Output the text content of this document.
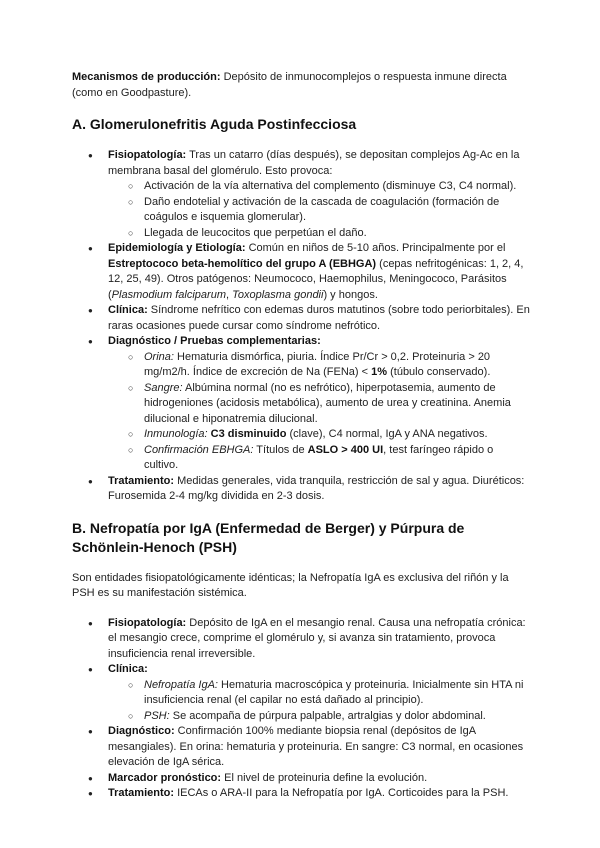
Mecanismos de producción: Depósito de inmunocomplejos o respuesta inmune directa (como en Goodpasture).

A. Glomerulonefritis Aguda Postinfecciosa
● Fisiopatología: Tras un catarro (días después), se depositan complejos Ag-Ac en la membrana basal del glomérulo. Esto provoca:
○ Activación de la vía alternativa del complemento (disminuye C3, C4 normal).
○ Daño endotelial y activación de la cascada de coagulación (formación de coágulos e isquemia glomerular).
○ Llegada de leucocitos que perpetúan el daño.
● Epidemiología y Etiología: Común en niños de 5-10 años. Principalmente por el Estreptococo beta-hemolítico del grupo A (EBHGA) (cepas nefritogénicas: 1, 2, 4, 12, 25, 49). Otros patógenos: Neumococo, Haemophilus, Meningococo, Parásitos (Plasmodium falciparum, Toxoplasma gondii) y hongos.
● Clínica: Síndrome nefrítico con edemas duros matutinos (sobre todo periorbitales). En raras ocasiones puede cursar como síndrome nefrótico.
● Diagnóstico / Pruebas complementarias:
○ Orina: Hematuria dismórfica, piuria. Índice Pr/Cr > 0,2. Proteinuria > 20 mg/m2/h. Índice de excreción de Na (FENa) < 1% (túbulo conservado).
○ Sangre: Albúmina normal (no es nefrótico), hiperpotasemia, aumento de hidrogeniones (acidosis metabólica), aumento de urea y creatinina. Anemia dilucional e hiponatremia dilucional.
○ Inmunología: C3 disminuido (clave), C4 normal, IgA y ANA negativos.
○ Confirmación EBHGA: Títulos de ASLO > 400 UI, test faríngeo rápido o cultivo.
● Tratamiento: Medidas generales, vida tranquila, restricción de sal y agua. Diuréticos: Furosemida 2-4 mg/kg dividida en 2-3 dosis.
B. Nefropatía por IgA (Enfermedad de Berger) y Púrpura de Schönlein-Henoch (PSH)

Son entidades fisiopatológicamente idénticas; la Nefropatía IgA es exclusiva del riñón y la PSH es su manifestación sistémica.

● Fisiopatología: Depósito de IgA en el mesangio renal. Causa una nefropatía crónica: el mesangio crece, comprime el glomérulo y, si avanza sin tratamiento, provoca insuficiencia renal irreversible.
● Clínica:
○ Nefropatía IgA: Hematuria macroscópica y proteinuria. Inicialmente sin HTA ni insuficiencia renal (el capilar no está dañado al principio).
○ PSH: Se acompaña de púrpura palpable, artralgias y dolor abdominal.
● Diagnóstico: Confirmación 100% mediante biopsia renal (depósitos de IgA mesangiales). En orina: hematuria y proteinuria. En sangre: C3 normal, en ocasiones elevación de IgA sérica.
● Marcador pronóstico: El nivel de proteinuria define la evolución.
● Tratamiento: IECAs o ARA-II para la Nefropatía por IgA. Corticoides para la PSH.
